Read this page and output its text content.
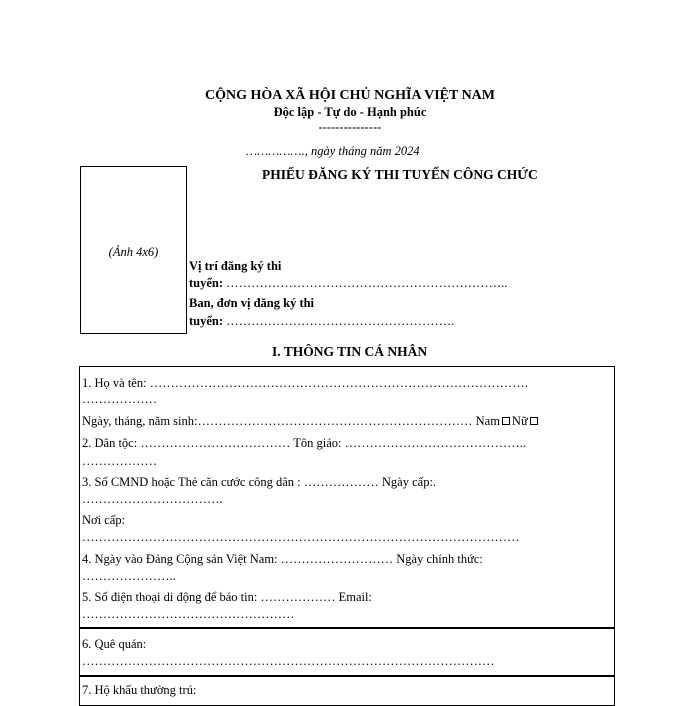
CỘNG HÒA XÃ HỘI CHỦ NGHĨA VIỆT NAM
Độc lập - Tự do - Hạnh phúc
---------------
……………., ngày tháng năm 2024
PHIẾU ĐĂNG KÝ THI TUYỂN CÔNG CHỨC
(Ảnh 4x6)
Vị trí đăng ký thi
tuyển: …………………………………………………………..
Ban, đơn vị đăng ký thi
tuyển: ……………………………………………….
I. THÔNG TIN CÁ NHÂN
1. Họ và tên: ……………………………………………………………………………….
………………
Ngày, tháng, năm sinh:………………………………………………………… Nam Nữ
2. Dân tộc: ……………………………… Tôn giáo: ……………………………………..
………………
3. Số CMND hoặc Thẻ căn cước công dân : ……………… Ngày cấp:.
…………………………….
Nơi cấp:
……………………………………………………………………………………………
4. Ngày vào Đảng Cộng sản Việt Nam: ……………………… Ngày chính thức:
…………………..
5. Số điện thoại di động để báo tin: ……………… Email:
……………………………………………
6. Quê quán:
………………………………………………………………………………………
7. Hộ khẩu thường trú:
